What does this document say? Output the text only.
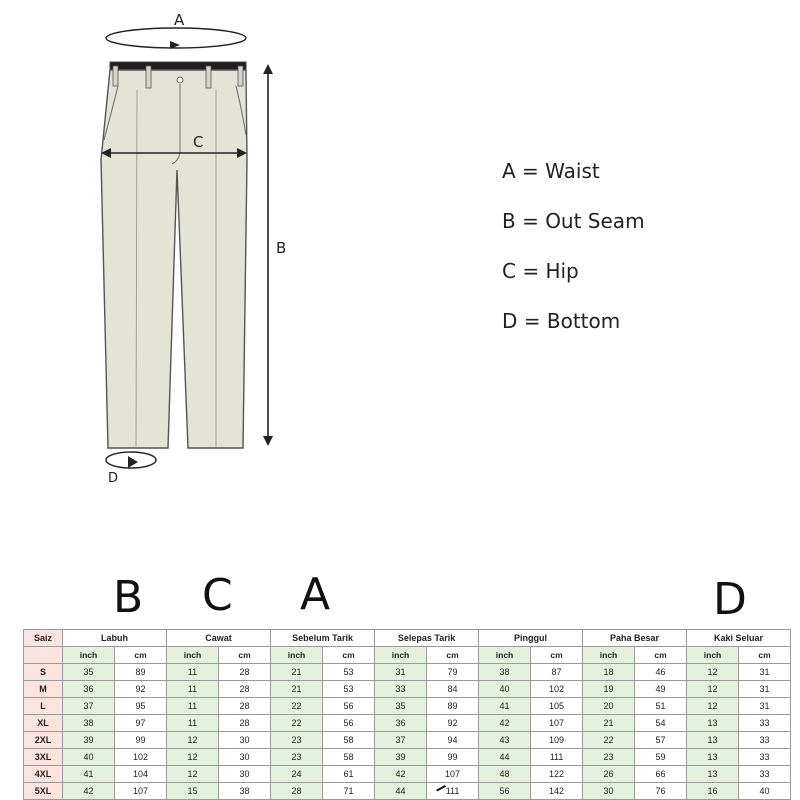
A
C
B
D
A = Waist
B = Out Seam
C = Hip
D = Bottom
B C A	D
Saiz	Labuh		Cawat		Sebelum Tarik		Selepas Tarik		Pinggul		Paha Besar		Kaki Seluar	
	inch	cm	inch	cm	inch	cm	inch	cm	inch	cm	inch	cm	inch	cm
S	35	89	11	28	21	53	31	79	38	87	18	46	12	31
M	36	92	11	28	21	53	33	84	40	102	19	49	12	31
L	37	95	11	28	22	56	35	89	41	105	20	51	12	31
XL	38	97	11	28	22	56	36	92	42	107	21	54	13	33
2XL	39	99	12	30	23	58	37	94	43	109	22	57	13	33
3XL	40	102	12	30	23	58	39	99	44	111	23	59	13	33
4XL	41	104	12	30	24	61	42	107	48	122	26	66	13	33
5XL	42	107	15	38	28	71	44	111	56	142	30	76	16	40
